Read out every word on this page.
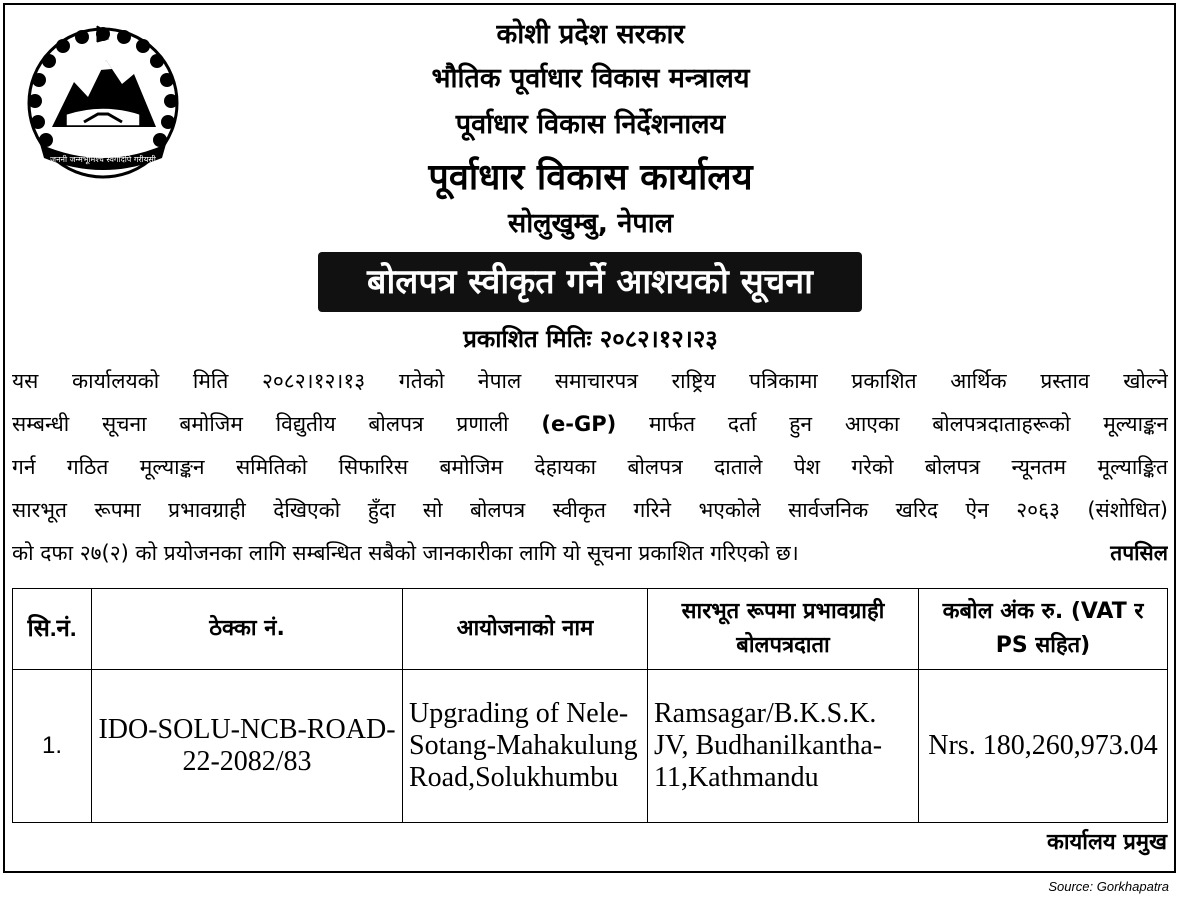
जननी जन्मभूमिश्च स्वर्गादपि गरीयसी
कोशी प्रदेश सरकार
भौतिक पूर्वाधार विकास मन्त्रालय
पूर्वाधार विकास निर्देशनालय
पूर्वाधार विकास कार्यालय
सोलुखुम्बु, नेपाल
बोलपत्र स्वीकृत गर्ने आशयको सूचना
प्रकाशित मितिः २०८२।१२।२३
यस कार्यालयको मिति २०८२।१२।१३ गतेको नेपाल समाचारपत्र राष्ट्रिय पत्रिकामा प्रकाशित आर्थिक प्रस्ताव खोल्ने
सम्बन्धी सूचना बमोजिम विद्युतीय बोलपत्र प्रणाली (e-GP) मार्फत दर्ता हुन आएका बोलपत्रदाताहरूको मूल्याङ्कन
गर्न गठित मूल्याङ्कन समितिको सिफारिस बमोजिम देहायका बोलपत्र दाताले पेश गरेको बोलपत्र न्यूनतम मूल्याङ्कित
सारभूत रूपमा प्रभावग्राही देखिएको हुँदा सो बोलपत्र स्वीकृत गरिने भएकोले सार्वजनिक खरिद ऐन २०६३ (संशोधित)
को दफा २७(२) को प्रयोजनका लागि सम्बन्धित सबैको जानकारीका लागि यो सूचना प्रकाशित गरिएको छ।	तपसिल
सि.नं.	ठेक्का नं.	आयोजनाको नाम	सारभूत रूपमा प्रभावग्राही बोलपत्रदाता	कबोल अंक रु. (VAT र PS सहित)
1.	IDO-SOLU-NCB-ROAD-22-2082/83	Upgrading of Nele-Sotang-Mahakulung Road,Solukhumbu	Ramsagar/B.K.S.K. JV, Budhanilkantha-11,Kathmandu	Nrs. 180,260,973.04
कार्यालय प्रमुख
Source: Gorkhapatra
